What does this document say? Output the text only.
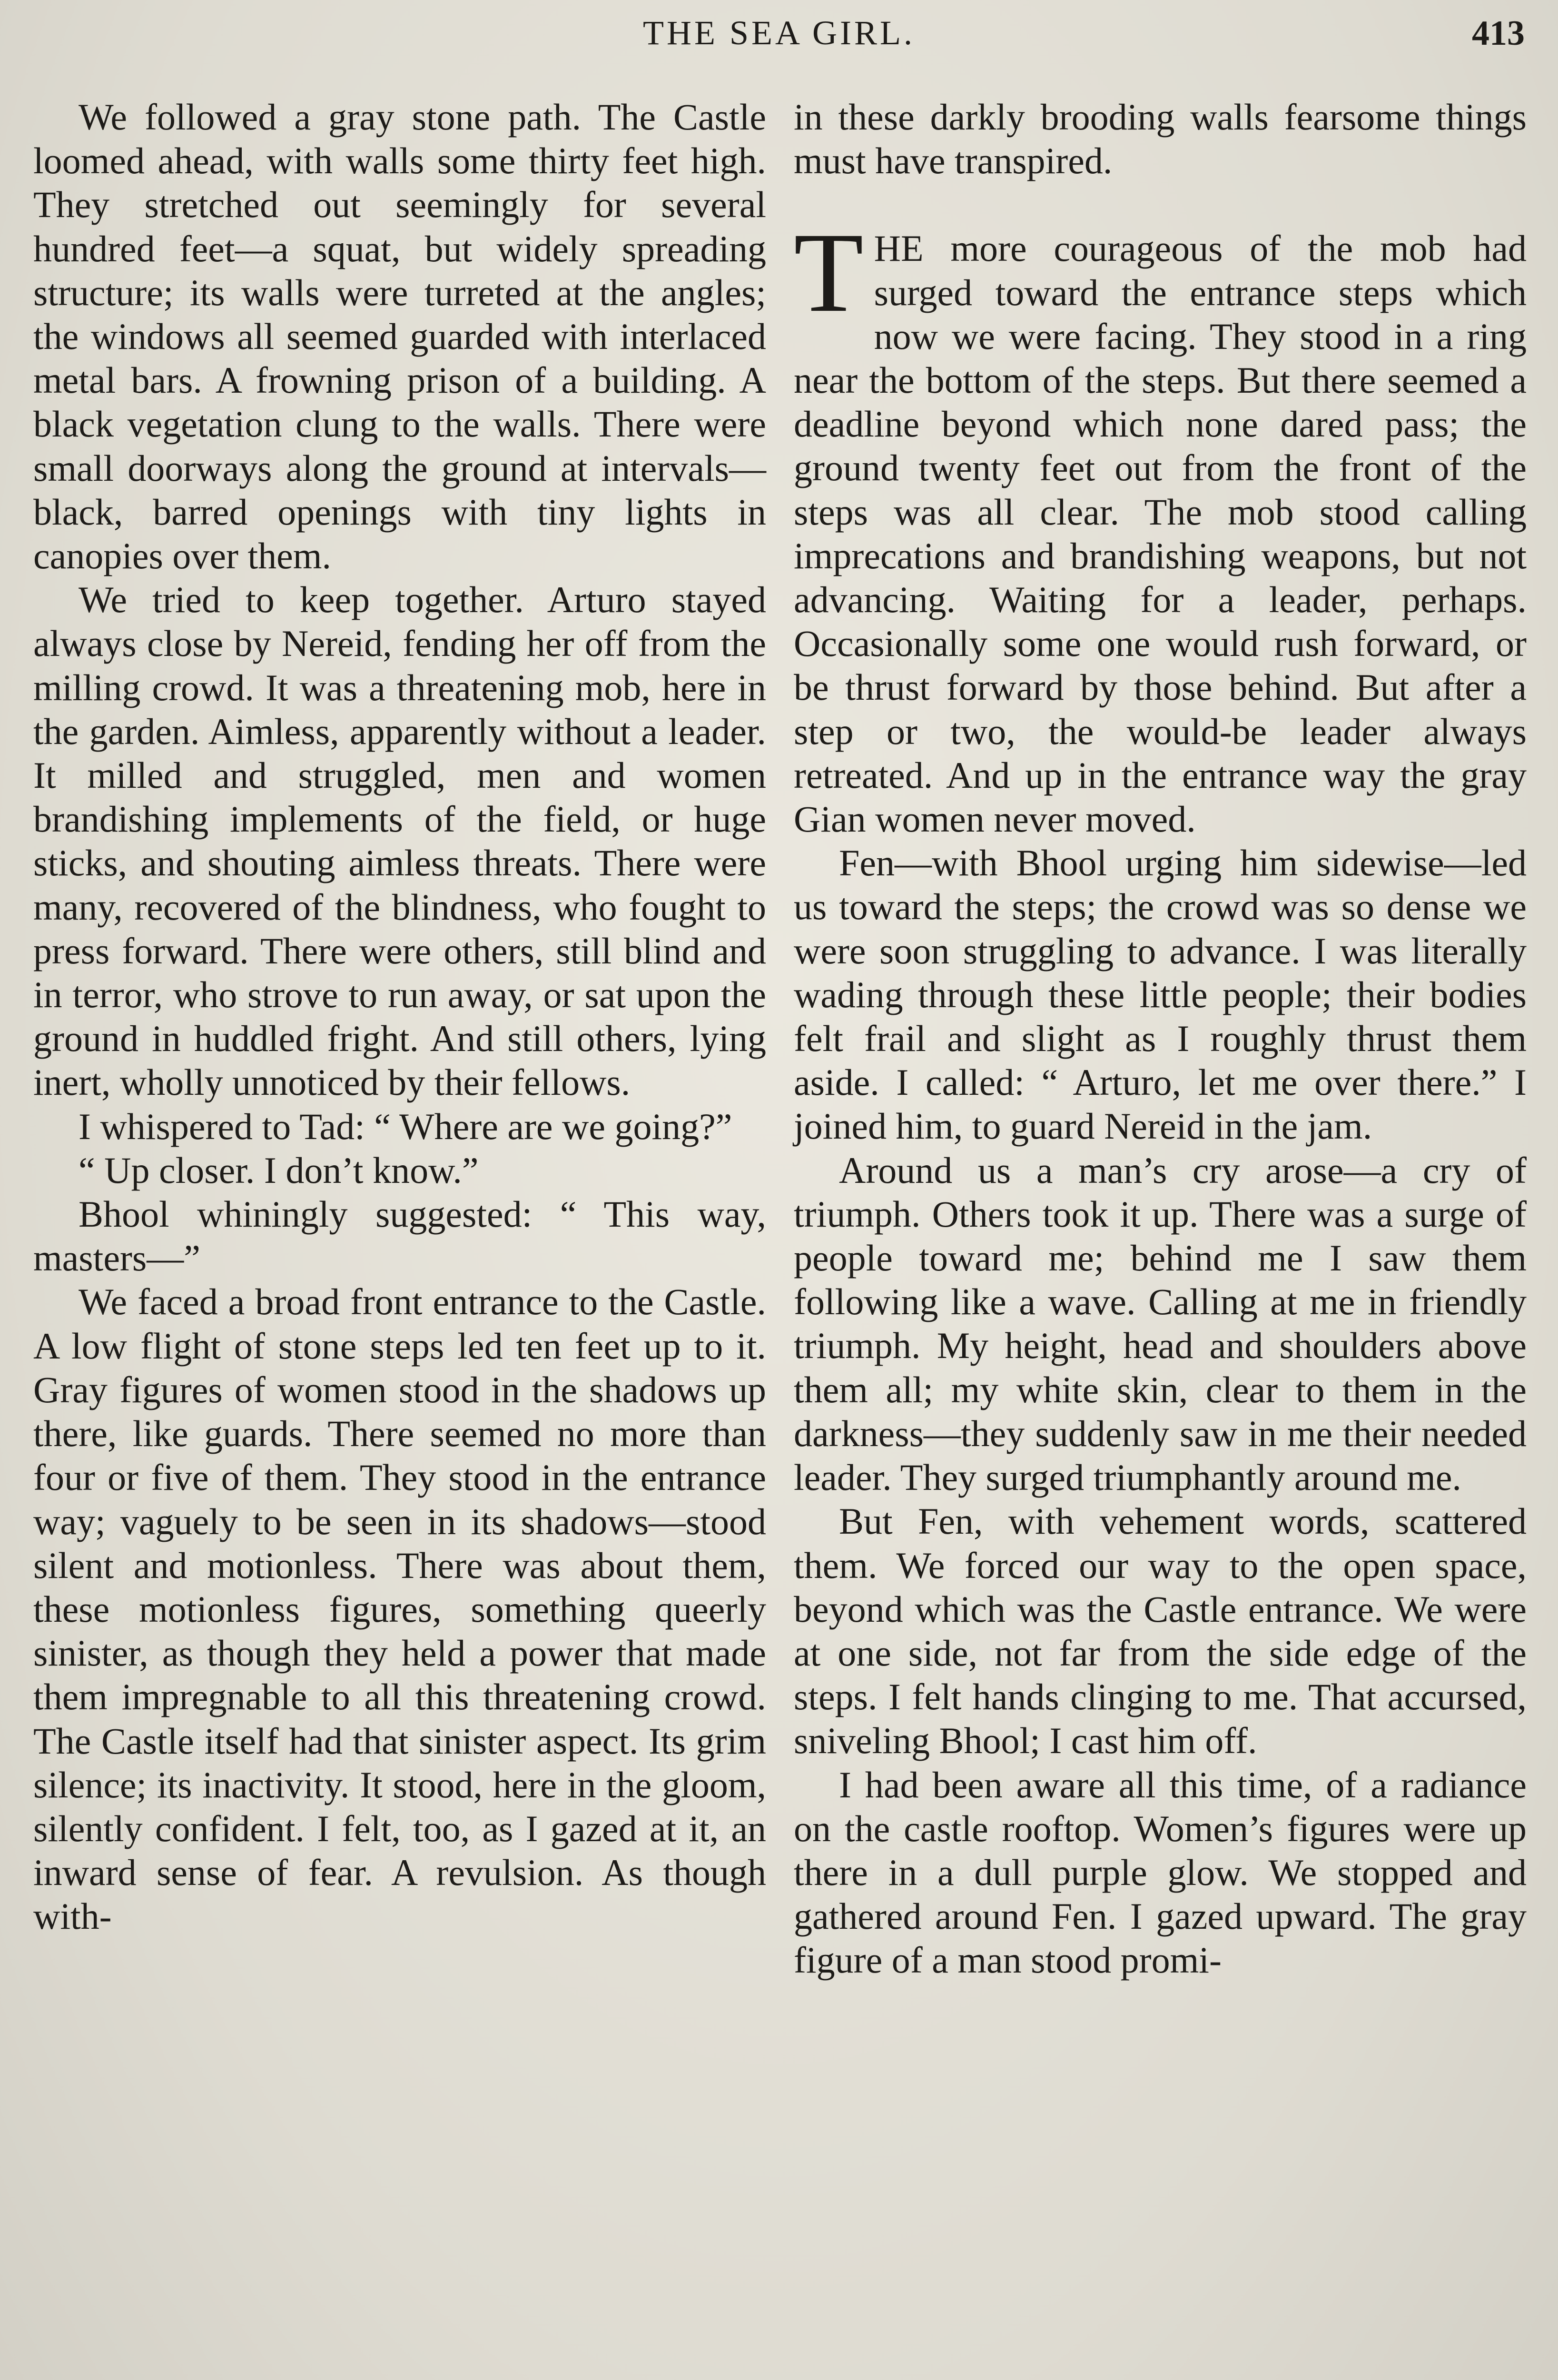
THE SEA GIRL.	413

We followed a gray stone path. The Castle loomed ahead, with walls some thirty feet high. They stretched out seemingly for several hundred feet—a squat, but widely spreading structure; its walls were turreted at the angles; the windows all seemed guarded with interlaced metal bars. A frowning prison of a building. A black vegetation clung to the walls. There were small doorways along the ground at intervals—black, barred openings with tiny lights in canopies over them.

We tried to keep together. Arturo stayed always close by Nereid, fending her off from the milling crowd. It was a threatening mob, here in the garden. Aimless, apparently without a leader. It milled and struggled, men and women brandishing implements of the field, or huge sticks, and shouting aimless threats. There were many, recovered of the blindness, who fought to press forward. There were others, still blind and in terror, who strove to run away, or sat upon the ground in huddled fright. And still others, lying inert, wholly unnoticed by their fellows.

I whispered to Tad: “ Where are we going?”

“ Up closer. I don’t know.”

Bhool whiningly suggested: “ This way, masters—”

We faced a broad front entrance to the Castle. A low flight of stone steps led ten feet up to it. Gray figures of women stood in the shadows up there, like guards. There seemed no more than four or five of them. They stood in the entrance way; vaguely to be seen in its shadows—stood silent and motionless. There was about them, these motionless figures, something queerly sinister, as though they held a power that made them impregnable to all this threatening crowd. The Castle itself had that sinister aspect. Its grim silence; its inactivity. It stood, here in the gloom, silently confident. I felt, too, as I gazed at it, an inward sense of fear. A revulsion. As though with-

in these darkly brooding walls fearsome things must have transpired.

THE more courageous of the mob had surged toward the entrance steps which now we were facing. They stood in a ring near the bottom of the steps. But there seemed a deadline beyond which none dared pass; the ground twenty feet out from the front of the steps was all clear. The mob stood calling imprecations and brandishing weapons, but not advancing. Waiting for a leader, perhaps. Occasionally some one would rush forward, or be thrust forward by those behind. But after a step or two, the would-be leader always retreated. And up in the entrance way the gray Gian women never moved.

Fen—with Bhool urging him sidewise—led us toward the steps; the crowd was so dense we were soon struggling to advance. I was literally wading through these little people; their bodies felt frail and slight as I roughly thrust them aside. I called: “ Arturo, let me over there.” I joined him, to guard Nereid in the jam.

Around us a man’s cry arose—a cry of triumph. Others took it up. There was a surge of people toward me; behind me I saw them following like a wave. Calling at me in friendly triumph. My height, head and shoulders above them all; my white skin, clear to them in the darkness—they suddenly saw in me their needed leader. They surged triumphantly around me.

But Fen, with vehement words, scattered them. We forced our way to the open space, beyond which was the Castle entrance. We were at one side, not far from the side edge of the steps. I felt hands clinging to me. That accursed, sniveling Bhool; I cast him off.

I had been aware all this time, of a radiance on the castle rooftop. Women’s figures were up there in a dull purple glow. We stopped and gathered around Fen. I gazed upward. The gray figure of a man stood promi-
